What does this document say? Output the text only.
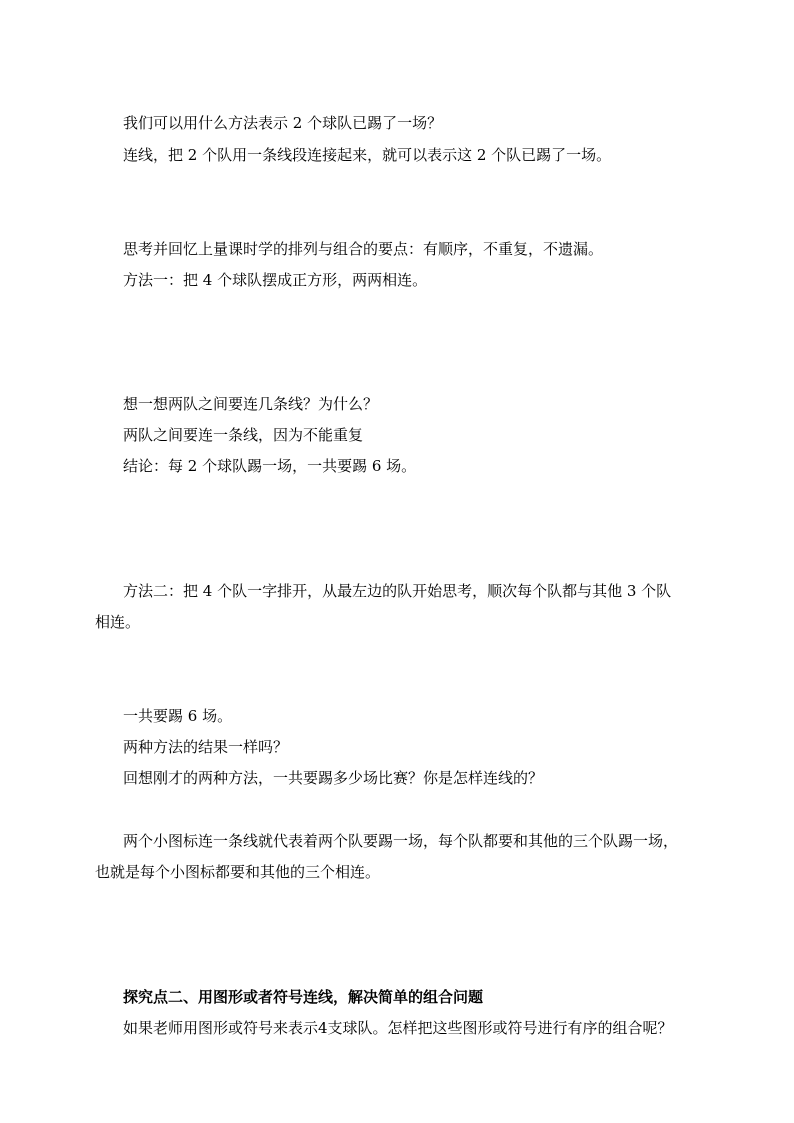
我们可以用什么方法表示 2 个球队已踢了一场？
连线，把 2 个队用一条线段连接起来，就可以表示这 2 个队已踢了一场。
思考并回忆上量课时学的排列与组合的要点：有顺序，不重复，不遗漏。
方法一：把 4 个球队摆成正方形，两两相连。
想一想两队之间要连几条线？为什么？
两队之间要连一条线，因为不能重复
结论：每 2 个球队踢一场，一共要踢 6 场。
方法二：把 4 个队一字排开，从最左边的队开始思考，顺次每个队都与其他 3 个队
相连。
一共要踢 6 场。
两种方法的结果一样吗？
回想刚才的两种方法，一共要踢多少场比赛？你是怎样连线的？
两个小图标连一条线就代表着两个队要踢一场，每个队都要和其他的三个队踢一场，
也就是每个小图标都要和其他的三个相连。
探究点二、用图形或者符号连线，解决简单的组合问题
如果老师用图形或符号来表示4支球队。怎样把这些图形或符号进行有序的组合呢？
